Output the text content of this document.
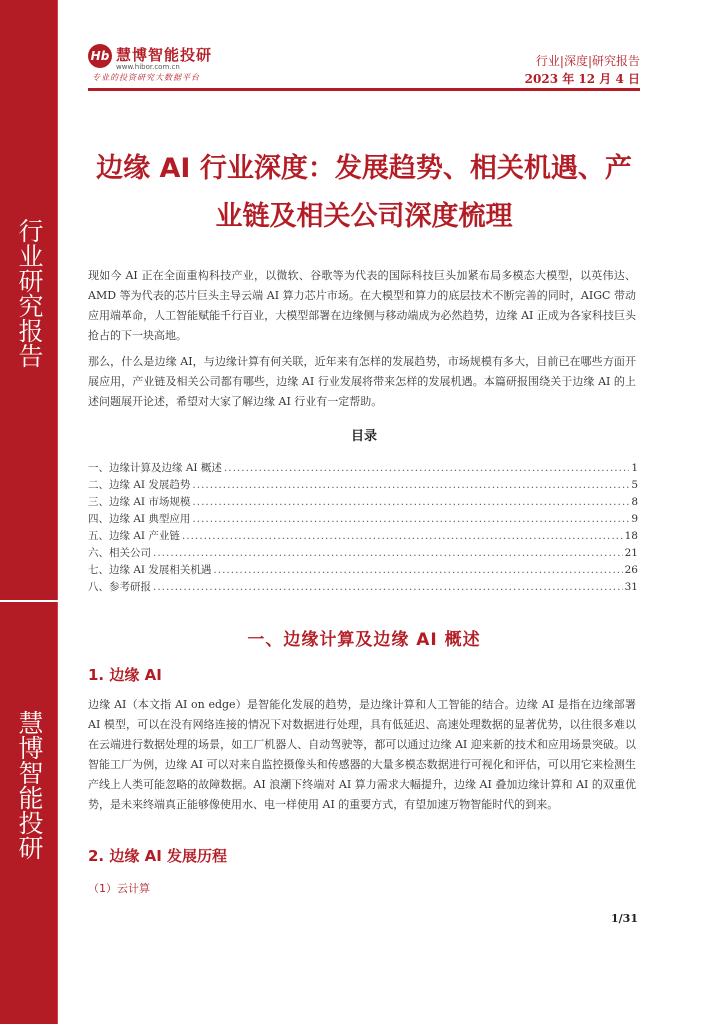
行业研究报告
慧博智能投研
Hb 慧博智能投研
www.hibor.com.cn
专业的投资研究大数据平台
行业|深度|研究报告
2023 年 12 月 4 日
边缘 AI 行业深度：发展趋势、相关机遇、产业链及相关公司深度梳理
现如今 AI 正在全面重构科技产业，以微软、谷歌等为代表的国际科技巨头加紧布局多模态大模型，以英伟达、AMD 等为代表的芯片巨头主导云端 AI 算力芯片市场。在大模型和算力的底层技术不断完善的同时，AIGC 带动应用端革命，人工智能赋能千行百业，大模型部署在边缘侧与移动端成为必然趋势，边缘 AI 正成为各家科技巨头抢占的下一块高地。
那么，什么是边缘 AI，与边缘计算有何关联，近年来有怎样的发展趋势，市场规模有多大，目前已在哪些方面开展应用，产业链及相关公司都有哪些，边缘 AI 行业发展将带来怎样的发展机遇。本篇研报围绕关于边缘 AI 的上述问题展开论述，希望对大家了解边缘 AI 行业有一定帮助。
目录
一、边缘计算及边缘 AI 概述 .....	1
二、边缘 AI 发展趋势 .....	5
三、边缘 AI 市场规模 .....	8
四、边缘 AI 典型应用 .....	9
五、边缘 AI 产业链 .....	18
六、相关公司 .....	21
七、边缘 AI 发展相关机遇 .....	26
八、参考研报 .....	31
一、边缘计算及边缘 AI 概述
1. 边缘 AI
边缘 AI（本文指 AI on edge）是智能化发展的趋势，是边缘计算和人工智能的结合。边缘 AI 是指在边缘部署 AI 模型，可以在没有网络连接的情况下对数据进行处理，具有低延迟、高速处理数据的显著优势，以往很多难以在云端进行数据处理的场景，如工厂机器人、自动驾驶等，都可以通过边缘 AI 迎来新的技术和应用场景突破。以智能工厂为例，边缘 AI 可以对来自监控摄像头和传感器的大量多模态数据进行可视化和评估，可以用它来检测生产线上人类可能忽略的故障数据。AI 浪潮下终端对 AI 算力需求大幅提升，边缘 AI 叠加边缘计算和 AI 的双重优势，是未来终端真正能够像使用水、电一样使用 AI 的重要方式，有望加速万物智能时代的到来。
2. 边缘 AI 发展历程
（1）云计算
1/31
